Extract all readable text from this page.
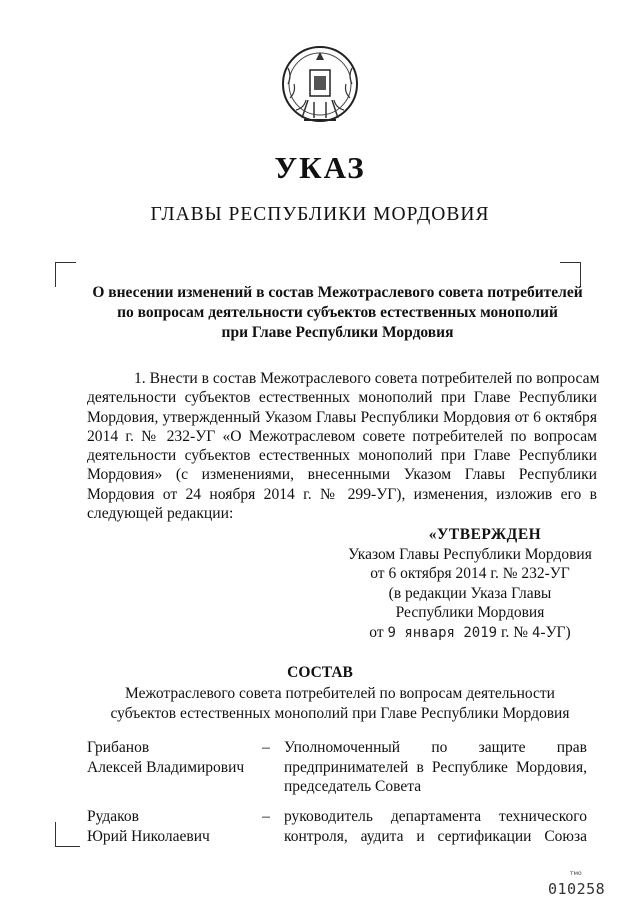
УКАЗ
ГЛАВЫ РЕСПУБЛИКИ МОРДОВИЯ
О внесении изменений в состав Межотраслевого совета потребителей
по вопросам деятельности субъектов естественных монополий
при Главе Республики Мордовия
1. Внести в состав Межотраслевого совета потребителей по вопросам
деятельности субъектов естественных монополий при Главе Республики
Мордовия, утвержденный Указом Главы Республики Мордовия от 6 октября
2014 г. № 232-УГ «О Межотраслевом совете потребителей по вопросам
деятельности субъектов естественных монополий при Главе Республики
Мордовия» (с изменениями, внесенными Указом Главы Республики
Мордовия от 24 ноября 2014 г. № 299-УГ), изменения, изложив его в
следующей редакции:
«УТВЕРЖДЕН
Указом Главы Республики Мордовия
от 6 октября 2014 г. № 232-УГ
(в редакции Указа Главы
Республики Мордовия
от 9 января 2019 г. № 4-УГ)
СОСТАВ
Межотраслевого совета потребителей по вопросам деятельности
субъектов естественных монополий при Главе Республики Мордовия
Грибанов
Алексей Владимирович
– Уполномоченный по защите прав
предпринимателей в Республике Мордовия,
председатель Совета
Рудаков
Юрий Николаевич
– руководитель департамента технического
контроля, аудита и сертификации Союза
тмо
010258
